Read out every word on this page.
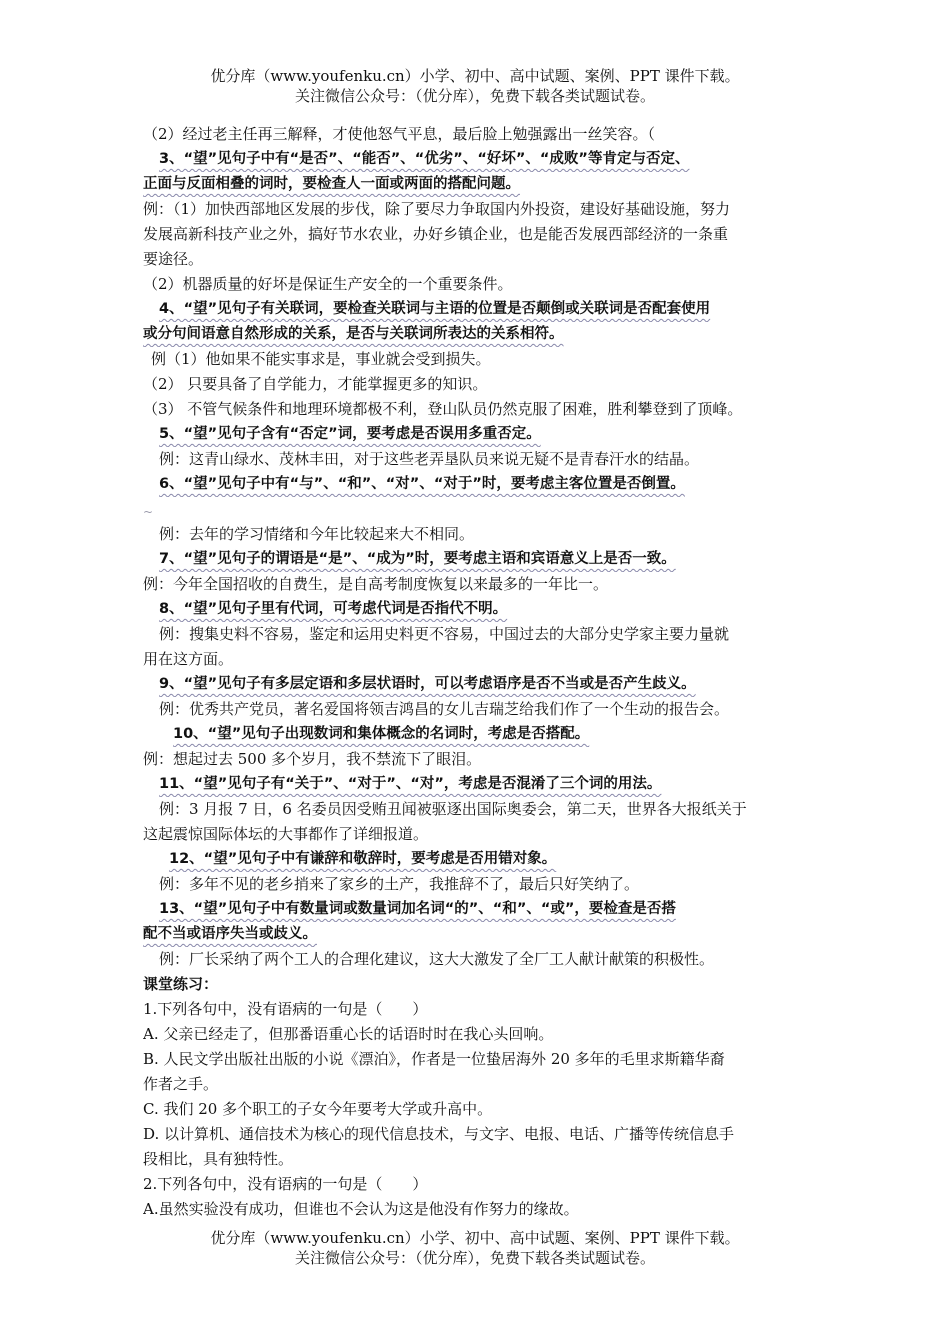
优分库（www.youfenku.cn）小学、初中、高中试题、案例、PPT 课件下载。
关注微信公众号：（优分库），免费下载各类试题试卷。
（2）经过老主任再三解释，才使他怒气平息，最后脸上勉强露出一丝笑容。（
3、“望”见句子中有“是否”、“能否”、“优劣”、“好坏”、“成败”等肯定与否定、
正面与反面相叠的词时，要检查人一面或两面的搭配问题。
例：（1）加快西部地区发展的步伐，除了要尽力争取国内外投资，建设好基础设施，努力
发展高新科技产业之外，搞好节水农业，办好乡镇企业，也是能否发展西部经济的一条重
要途径。
（2）机器质量的好坏是保证生产安全的一个重要条件。
4、“望”见句子有关联词，要检查关联词与主语的位置是否颠倒或关联词是否配套使用
或分句间语意自然形成的关系，是否与关联词所表达的关系相符。
例（1）他如果不能实事求是，事业就会受到损失。
（2） 只要具备了自学能力，才能掌握更多的知识。
（3） 不管气候条件和地理环境都极不利，登山队员仍然克服了困难，胜利攀登到了顶峰。
5、“望”见句子含有“否定”词，要考虑是否误用多重否定。
例：这青山绿水、茂林丰田，对于这些老弄垦队员来说无疑不是青春汗水的结晶。
6、“望”见句子中有“与”、“和”、“对”、“对于”时，要考虑主客位置是否倒置。
~
例：去年的学习情绪和今年比较起来大不相同。
7、“望”见句子的谓语是“是”、“成为”时，要考虑主语和宾语意义上是否一致。
例：今年全国招收的自费生，是自高考制度恢复以来最多的一年比一。
8、“望”见句子里有代词，可考虑代词是否指代不明。
例：搜集史料不容易，鉴定和运用史料更不容易，中国过去的大部分史学家主要力量就
用在这方面。
9、“望”见句子有多层定语和多层状语时，可以考虑语序是否不当或是否产生歧义。
例：优秀共产党员，著名爱国将领吉鸿昌的女儿吉瑞芝给我们作了一个生动的报告会。
10、“望”见句子出现数词和集体概念的名词时，考虑是否搭配。
例：想起过去 500 多个岁月，我不禁流下了眼泪。
11、“望”见句子有“关于”、“对于”、“对”，考虑是否混淆了三个词的用法。
例：3 月报 7 日，6 名委员因受贿丑闻被驱逐出国际奥委会，第二天，世界各大报纸关于
这起震惊国际体坛的大事都作了详细报道。
12、“望”见句子中有谦辞和敬辞时，要考虑是否用错对象。
例：多年不见的老乡捎来了家乡的土产，我推辞不了，最后只好笑纳了。
13、“望”见句子中有数量词或数量词加名词“的”、“和”、“或”，要检查是否搭
配不当或语序失当或歧义。
例：厂长采纳了两个工人的合理化建议，这大大激发了全厂工人献计献策的积极性。
课堂练习：
1.下列各句中，没有语病的一句是（　　）
A. 父亲已经走了，但那番语重心长的话语时时在我心头回响。
B. 人民文学出版社出版的小说《漂泊》，作者是一位蛰居海外 20 多年的毛里求斯籍华裔
作者之手。
C. 我们 20 多个职工的子女今年要考大学或升高中。
D. 以计算机、通信技术为核心的现代信息技术，与文字、电报、电话、广播等传统信息手
段相比，具有独特性。
2.下列各句中，没有语病的一句是（　　）
A.虽然实验没有成功，但谁也不会认为这是他没有作努力的缘故。
优分库（www.youfenku.cn）小学、初中、高中试题、案例、PPT 课件下载。
关注微信公众号：（优分库），免费下载各类试题试卷。
